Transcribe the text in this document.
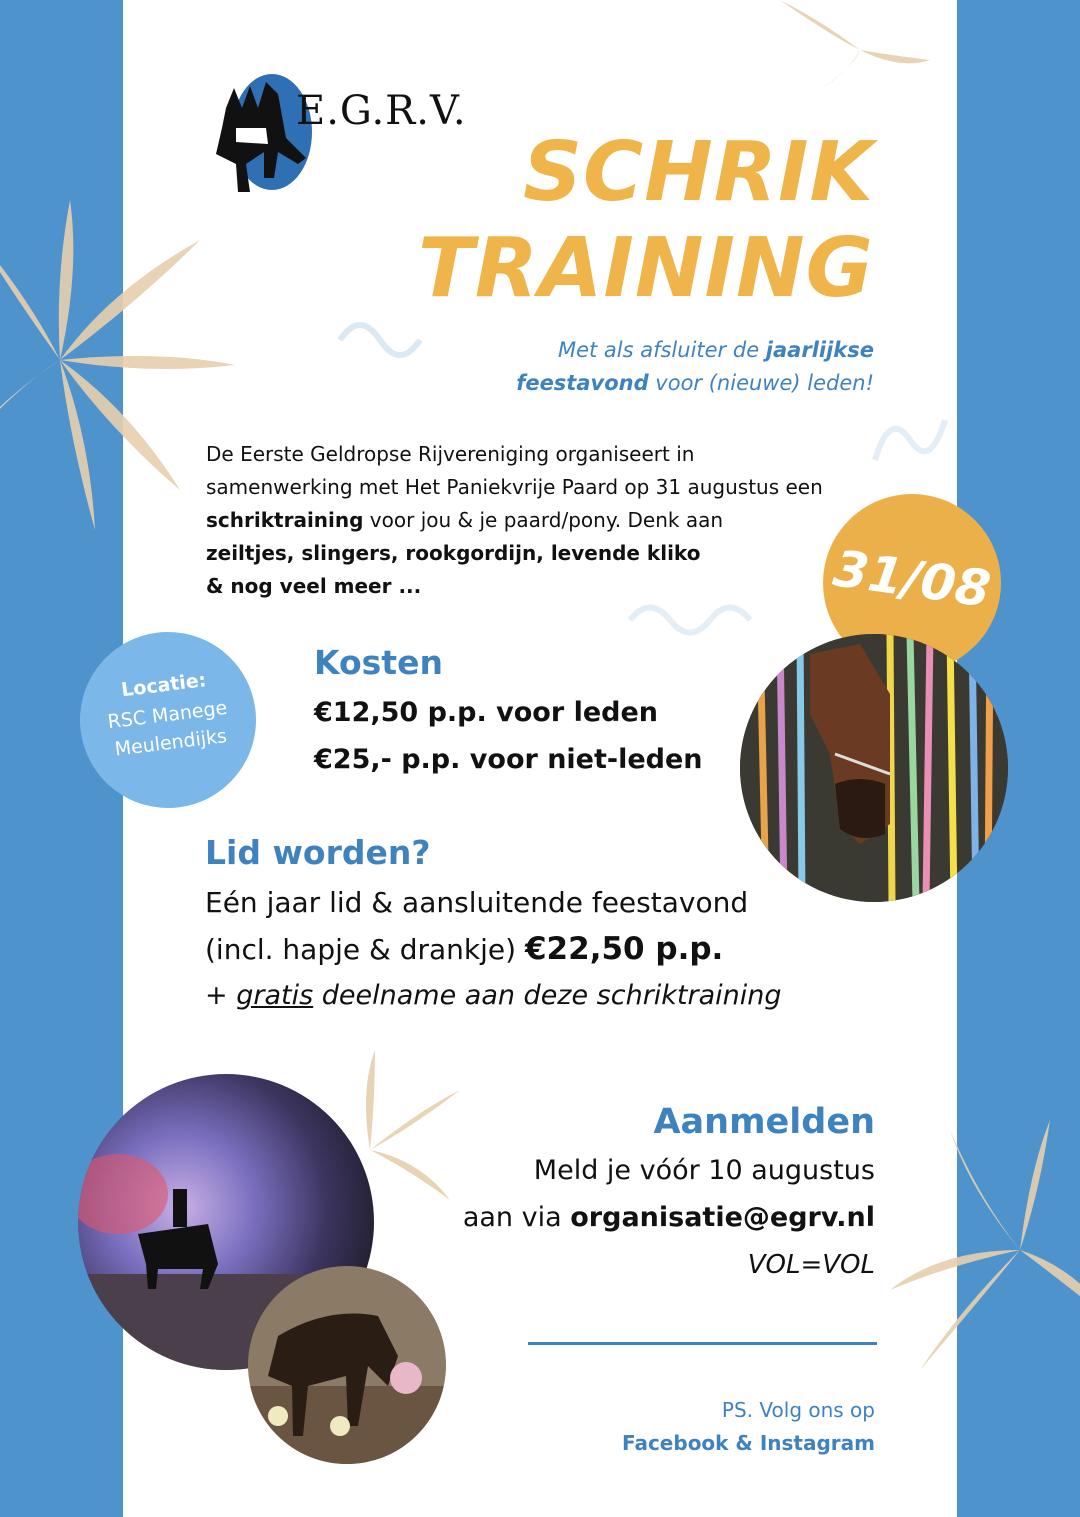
E.G.R.V.
SCHRIK
TRAINING
Met als afsluiter de jaarlijkse
feestavond voor (nieuwe) leden!
De Eerste Geldropse Rijvereniging organiseert in samenwerking met Het Paniekvrije Paard op 31 augustus een schriktraining voor jou & je paard/pony. Denk aan
zeiltjes, slingers, rookgordijn, levende kliko
& nog veel meer ...	31/08
Locatie:
RSC Manege
Meulendijks
Kosten
€12,50 p.p. voor leden
€25,- p.p. voor niet-leden
Lid worden?
Eén jaar lid & aansluitende feestavond
(incl. hapje & drankje) €22,50 p.p.
+ gratis deelname aan deze schriktraining
Aanmelden
Meld je vóór 10 augustus
aan via organisatie@egrv.nl
VOL=VOL
PS. Volg ons op
Facebook & Instagram
